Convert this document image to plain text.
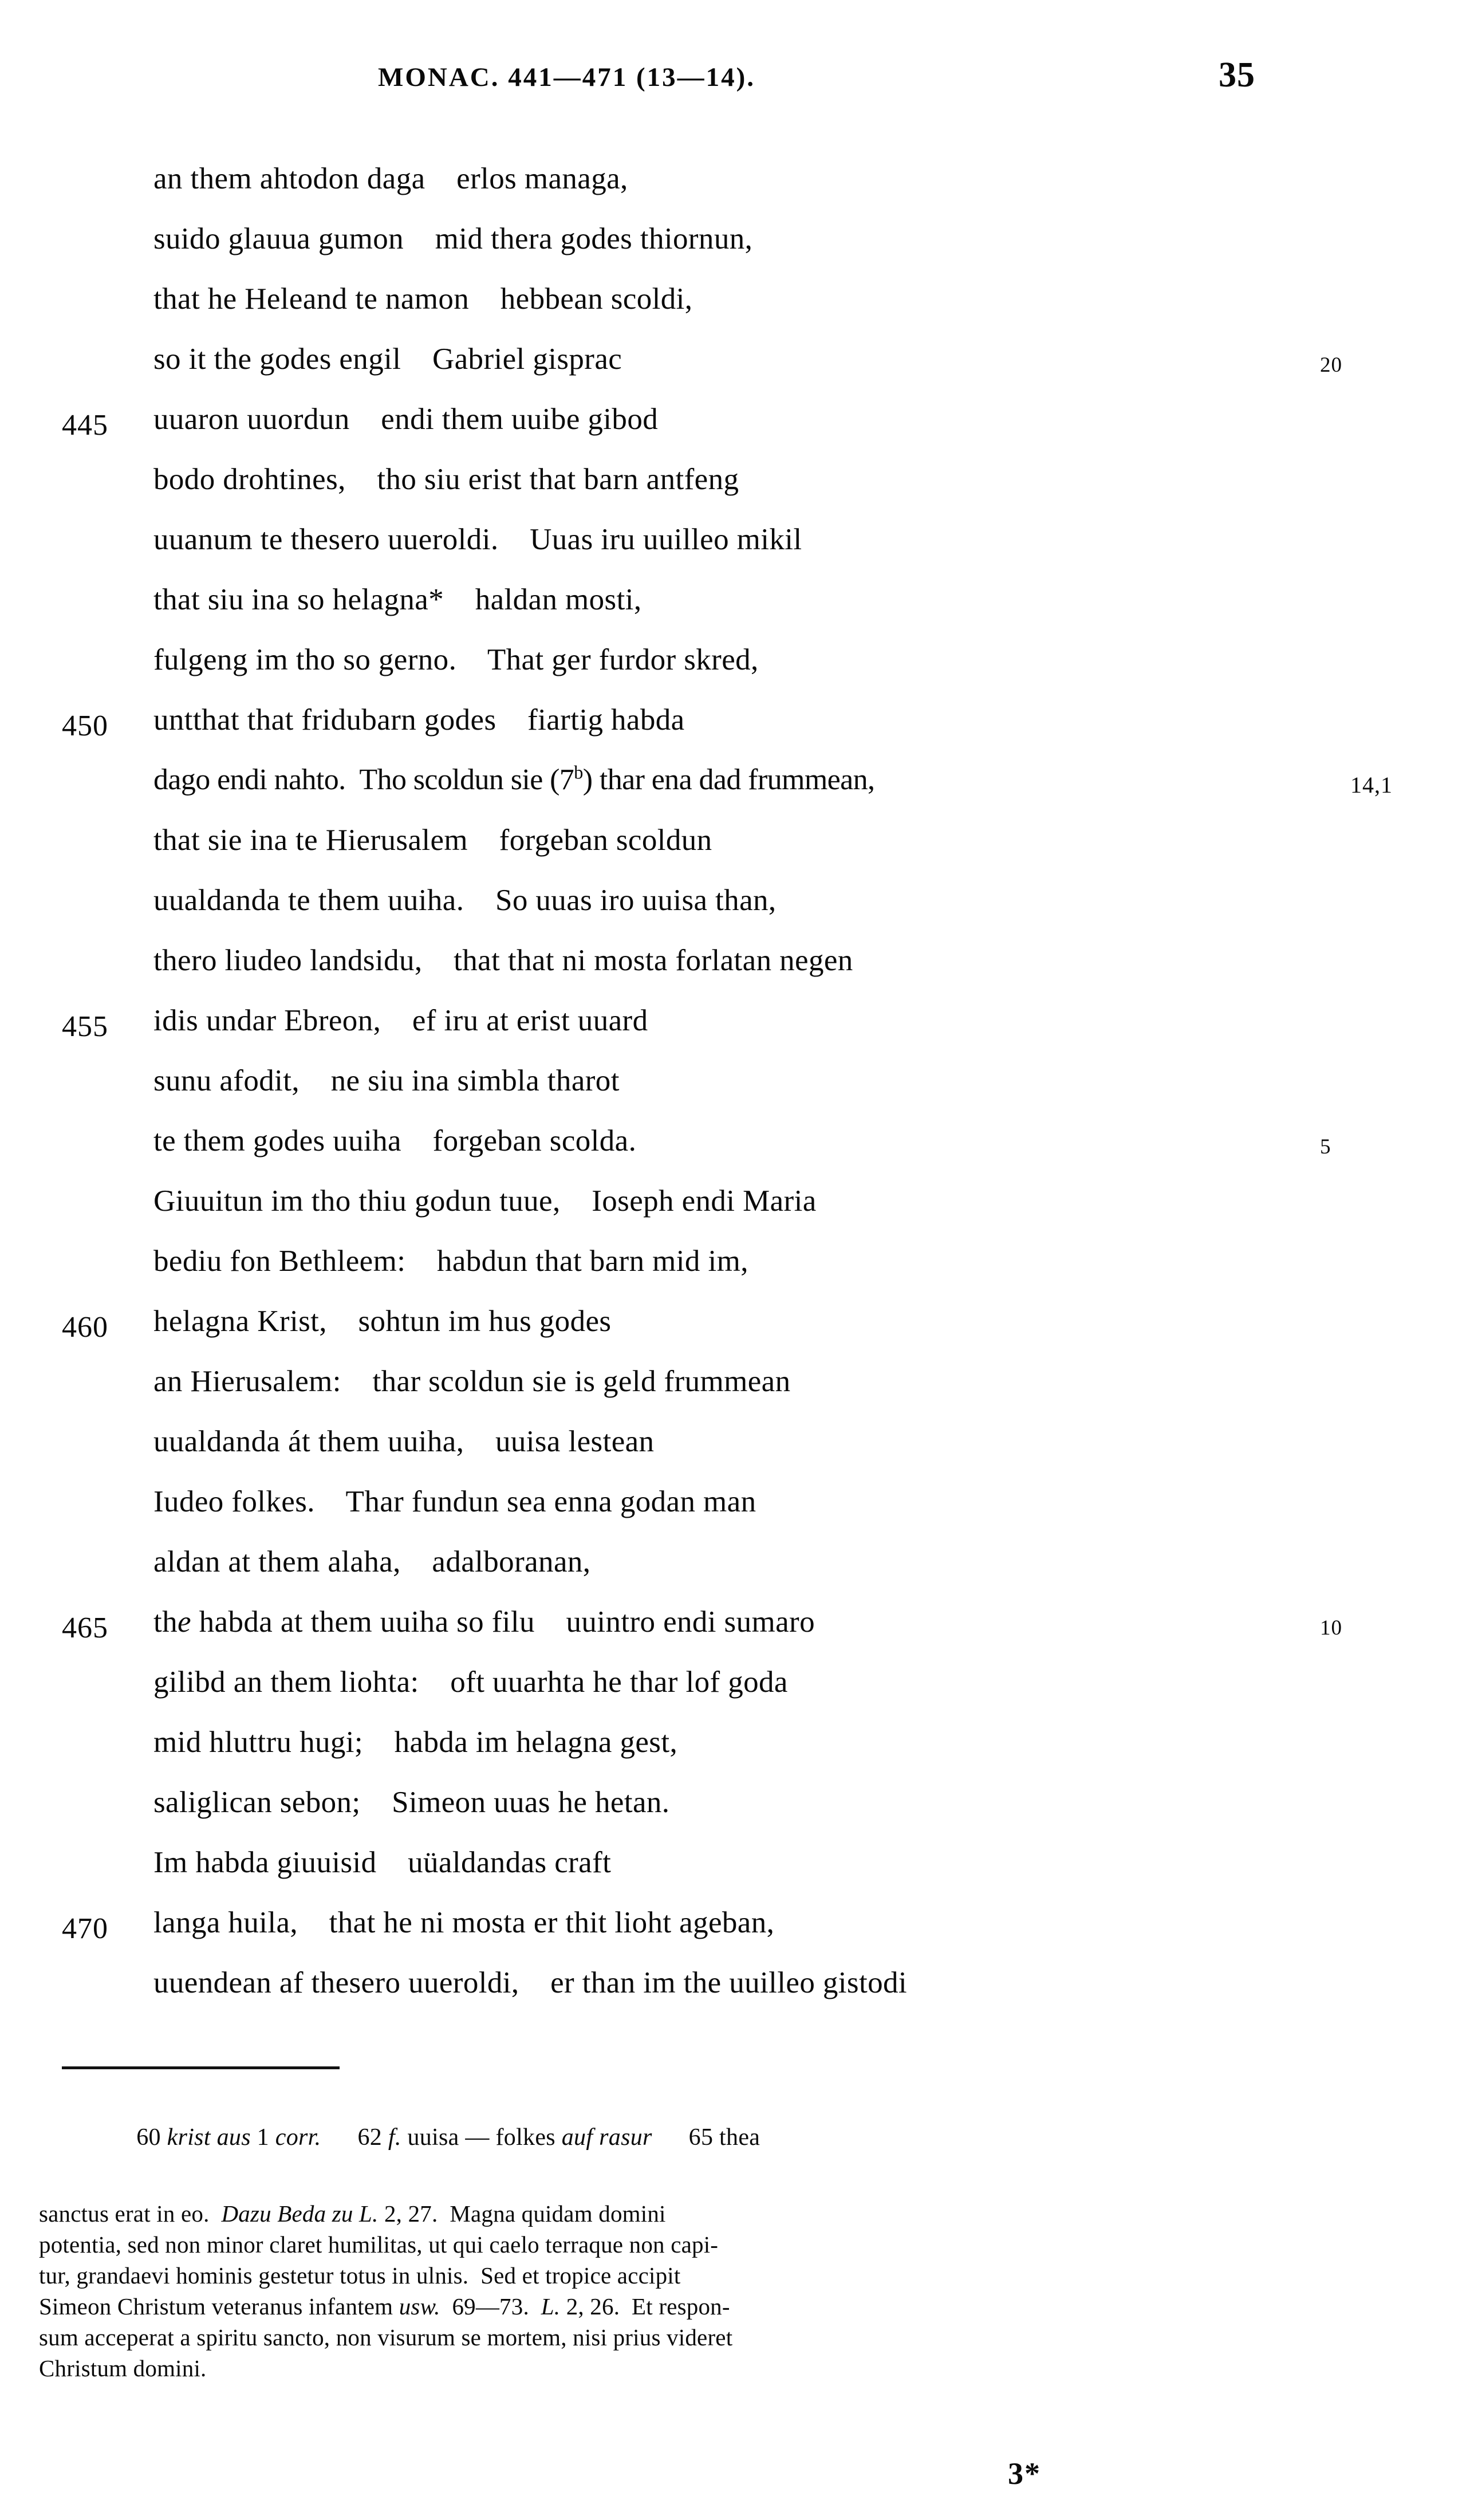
MONAC. 441—471 (13—14).	35
an them ahtodon daga    erlos managa,
suido glauua gumon    mid thera godes thiornun,
that he Heleand te namon    hebbean scoldi,
so it the godes engil    Gabriel gisprac	20
445	uuaron uuordun    endi them uuibe gibod
bodo drohtines,    tho siu erist that barn antfeng
uuanum te thesero uueroldi.    Uuas iru uuilleo mikil
that siu ina so helagna*    haldan mosti,
fulgeng im tho so gerno.    That ger furdor skred,
450	untthat that fridubarn godes    fiartig habda
dago endi nahto.  Tho scoldun sie (7$^b$) thar ena dad frummean,	14,1
that sie ina te Hierusalem    forgeban scoldun
uualdanda te them uuiha.    So uuas iro uuisa than,
thero liudeo landsidu,    that that ni mosta forlatan negen
455	idis undar Ebreon,    ef iru at erist uuard
sunu afodit,    ne siu ina simbla tharot
te them godes uuiha    forgeban scolda.	5
Giuuitun im tho thiu godun tuue,    Ioseph endi Maria
bediu fon Bethleem:    habdun that barn mid im,
460	helagna Krist,    sohtun im hus godes
an Hierusalem:    thar scoldun sie is geld frummean
uualdanda át them uuiha,    uuisa lestean
Iudeo folkes.    Thar fundun sea enna godan man
aldan at them alaha,    adalboranan,
465	the habda at them uuiha so filu    uuintro endi sumaro	10
gilibd an them liohta:    oft uuarhta he thar lof goda
mid hluttru hugi;    habda im helagna gest,
saliglican sebon;    Simeon uuas he hetan.
Im habda giuuisid    uüaldandas craft
470	langa huila,    that he ni mosta er thit lioht ageban,
uuendean af thesero uueroldi,    er than im the uuilleo gistodi

60 krist aus 1 corr. 62 f. uuisa — folkes auf rasur 65 thea

sanctus erat in eo.  Dazu Beda zu L. 2, 27.  Magna quidam domini
potentia, sed non minor claret humilitas, ut qui caelo terraque non capi-
tur, grandaevi hominis gestetur totus in ulnis.  Sed et tropice accipit
Simeon Christum veteranus infantem usw.  69—73.  L. 2, 26.  Et respon-
sum acceperat a spiritu sancto, non visurum se mortem, nisi prius videret
Christum domini.
3*
